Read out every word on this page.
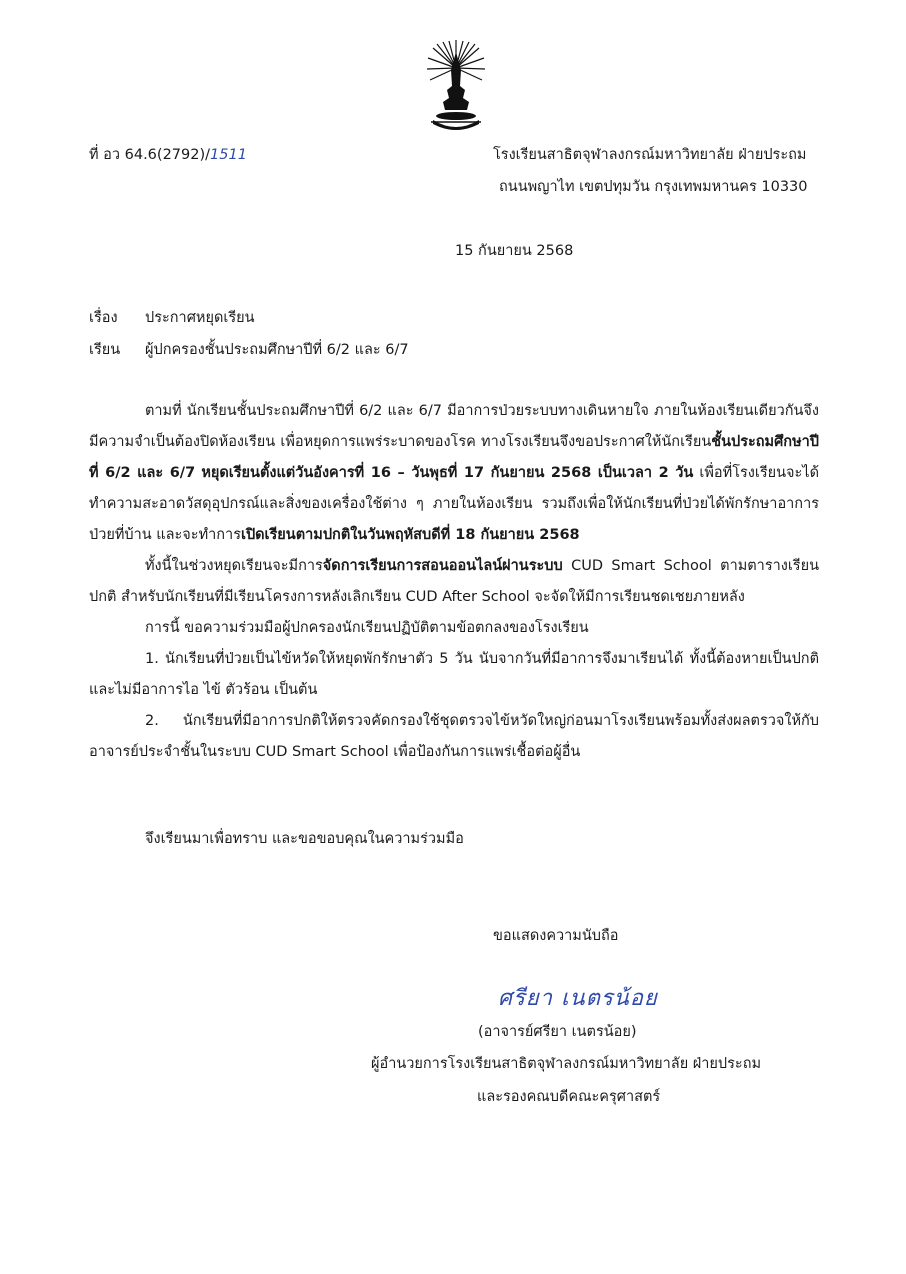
ที่ อว 64.6(2792)/1511	โรงเรียนสาธิตจุฬาลงกรณ์มหาวิทยาลัย ฝ่ายประถม
ถนนพญาไท เขตปทุมวัน กรุงเทพมหานคร 10330
15 กันยายน 2568
เรื่อง ประกาศหยุดเรียน
เรียน ผู้ปกครองชั้นประถมศึกษาปีที่ 6/2 และ 6/7

ตามที่ นักเรียนชั้นประถมศึกษาปีที่ 6/2 และ 6/7 มีอาการป่วยระบบทางเดินหายใจ ภายในห้องเรียนเดียวกันจึงมีความจำเป็นต้องปิดห้องเรียน เพื่อหยุดการแพร่ระบาดของโรค ทางโรงเรียนจึงขอประกาศให้นักเรียนชั้นประถมศึกษาปีที่ 6/2 และ 6/7 หยุดเรียนตั้งแต่วันอังคารที่ 16 – วันพุธที่ 17 กันยายน 2568 เป็นเวลา 2 วัน เพื่อที่โรงเรียนจะได้ทำความสะอาดวัสดุอุปกรณ์และสิ่งของเครื่องใช้ต่าง ๆ ภายในห้องเรียน รวมถึงเพื่อให้นักเรียนที่ป่วยได้พักรักษาอาการป่วยที่บ้าน และจะทำการเปิดเรียนตามปกติในวันพฤหัสบดีที่ 18 กันยายน 2568

ทั้งนี้ในช่วงหยุดเรียนจะมีการจัดการเรียนการสอนออนไลน์ผ่านระบบ CUD Smart School ตามตารางเรียนปกติ สำหรับนักเรียนที่มีเรียนโครงการหลังเลิกเรียน CUD After School จะจัดให้มีการเรียนชดเชยภายหลัง

การนี้ ขอความร่วมมือผู้ปกครองนักเรียนปฏิบัติตามข้อตกลงของโรงเรียน

1. นักเรียนที่ป่วยเป็นไข้หวัดให้หยุดพักรักษาตัว 5 วัน นับจากวันที่มีอาการจึงมาเรียนได้ ทั้งนี้ต้องหายเป็นปกติและไม่มีอาการไอ ไข้ ตัวร้อน เป็นต้น

2. นักเรียนที่มีอาการปกติให้ตรวจคัดกรองใช้ชุดตรวจไข้หวัดใหญ่ก่อนมาโรงเรียนพร้อมทั้งส่งผลตรวจให้กับอาจารย์ประจำชั้นในระบบ CUD Smart School เพื่อป้องกันการแพร่เชื้อต่อผู้อื่น

จึงเรียนมาเพื่อทราบ และขอขอบคุณในความร่วมมือ
ขอแสดงความนับถือ
ศรียา เนตรน้อย
(อาจารย์ศรียา เนตรน้อย)
ผู้อำนวยการโรงเรียนสาธิตจุฬาลงกรณ์มหาวิทยาลัย ฝ่ายประถม
และรองคณบดีคณะครุศาสตร์
